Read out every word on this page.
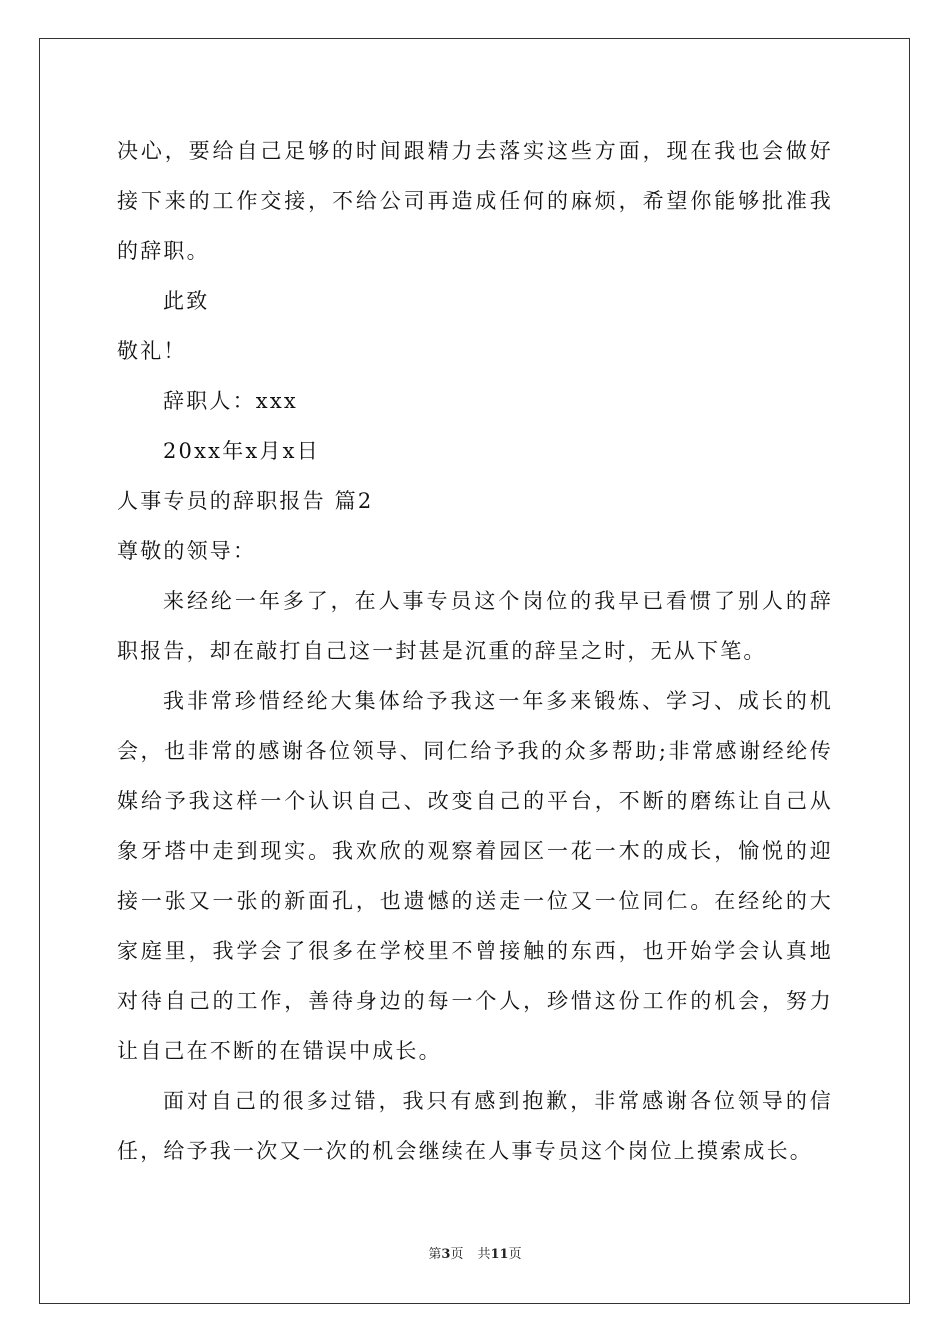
决心，要给自己足够的时间跟精力去落实这些方面，现在我也会做好接下来的工作交接，不给公司再造成任何的麻烦，希望你能够批准我的辞职。

此致

敬礼！

辞职人：xxx

20xx年x月x日

人事专员的辞职报告 篇2

尊敬的领导：

来经纶一年多了，在人事专员这个岗位的我早已看惯了别人的辞职报告，却在敲打自己这一封甚是沉重的辞呈之时，无从下笔。

我非常珍惜经纶大集体给予我这一年多来锻炼、学习、成长的机会，也非常的感谢各位领导、同仁给予我的众多帮助;非常感谢经纶传媒给予我这样一个认识自己、改变自己的平台，不断的磨练让自己从象牙塔中走到现实。我欢欣的观察着园区一花一木的成长，愉悦的迎接一张又一张的新面孔，也遗憾的送走一位又一位同仁。在经纶的大家庭里，我学会了很多在学校里不曾接触的东西，也开始学会认真地对待自己的工作，善待身边的每一个人，珍惜这份工作的机会，努力让自己在不断的在错误中成长。

面对自己的很多过错，我只有感到抱歉，非常感谢各位领导的信任，给予我一次又一次的机会继续在人事专员这个岗位上摸索成长。

第3页 共11页
